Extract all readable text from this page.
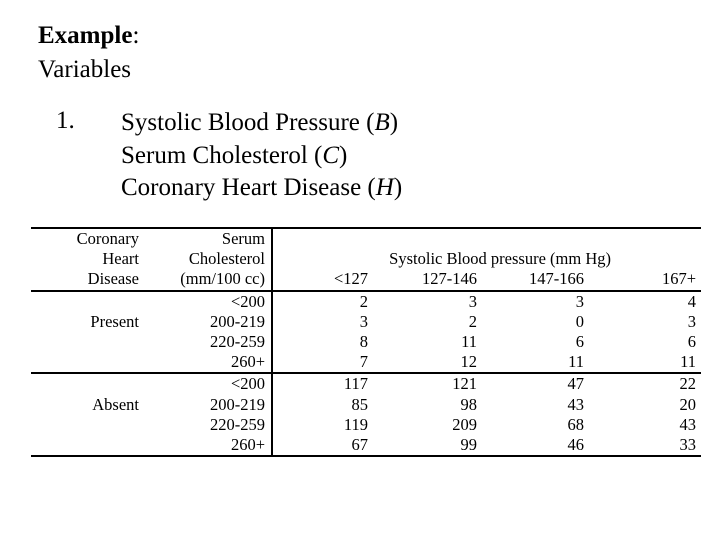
Example:
Variables
1. Systolic Blood Pressure (B)
Serum Cholesterol (C)
Coronary Heart Disease (H)
Coronary	Serum				
Heart	Cholesterol	Systolic Blood pressure (mm Hg)			
Disease	(mm/100 cc)	<127	127-146	147-166	167+
	<200	2	3	3	4
Present	200-219	3	2	0	3
	220-259	8	11	6	6
	260+	7	12	11	11
	<200	117	121	47	22
Absent	200-219	85	98	43	20
	220-259	119	209	68	43
	260+	67	99	46	33
